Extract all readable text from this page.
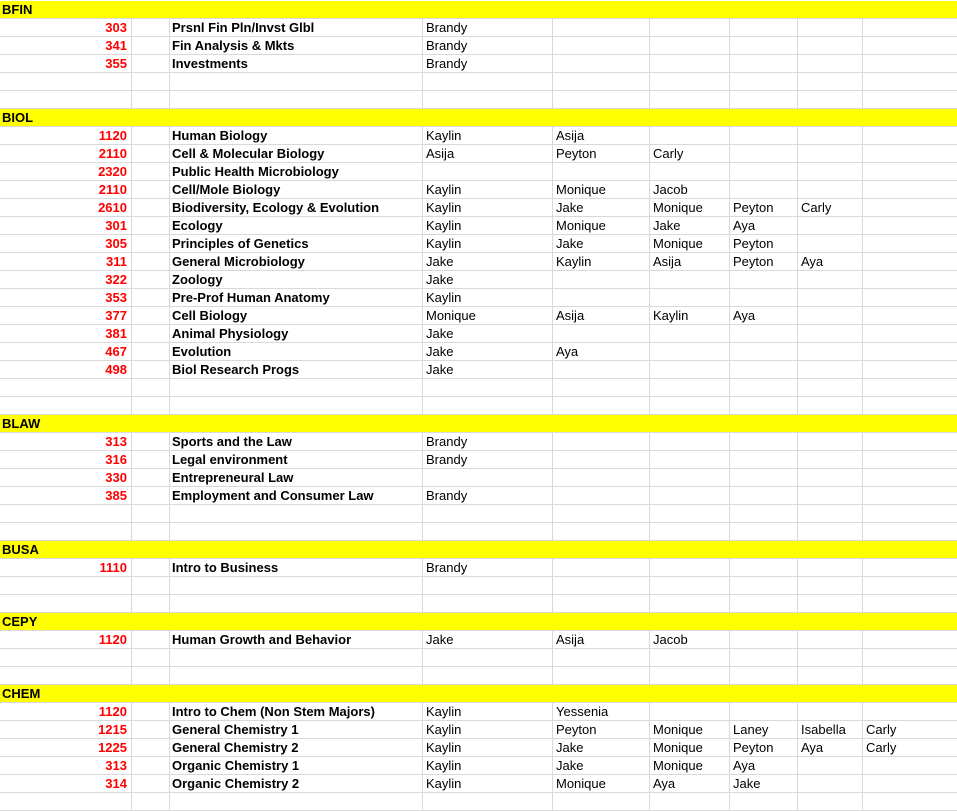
BFIN
303	Prsnl Fin Pln/Invst Glbl	Brandy
341	Fin Analysis & Mkts	Brandy
355	Investments	Brandy
BIOL
1120	Human Biology	Kaylin	Asija
2110	Cell & Molecular Biology	Asija	Peyton	Carly
2320	Public Health Microbiology
2110	Cell/Mole Biology	Kaylin	Monique	Jacob
2610	Biodiversity, Ecology & Evolution	Kaylin	Jake	Monique	Peyton	Carly
301	Ecology	Kaylin	Monique	Jake	Aya
305	Principles of Genetics	Kaylin	Jake	Monique	Peyton
311	General Microbiology	Jake	Kaylin	Asija	Peyton	Aya
322	Zoology	Jake
353	Pre-Prof Human Anatomy	Kaylin
377	Cell Biology	Monique	Asija	Kaylin	Aya
381	Animal Physiology	Jake
467	Evolution	Jake	Aya
498	Biol Research Progs	Jake
BLAW
313	Sports and the Law	Brandy
316	Legal environment	Brandy
330	Entrepreneural Law
385	Employment and Consumer Law	Brandy
BUSA
1110	Intro to Business	Brandy
CEPY
1120	Human Growth and Behavior	Jake	Asija	Jacob
CHEM
1120	Intro to Chem (Non Stem Majors)	Kaylin	Yessenia
1215	General Chemistry 1	Kaylin	Peyton	Monique	Laney	Isabella	Carly
1225	General Chemistry 2	Kaylin	Jake	Monique	Peyton	Aya	Carly
313	Organic Chemistry 1	Kaylin	Jake	Monique	Aya
314	Organic Chemistry 2	Kaylin	Monique	Aya	Jake
